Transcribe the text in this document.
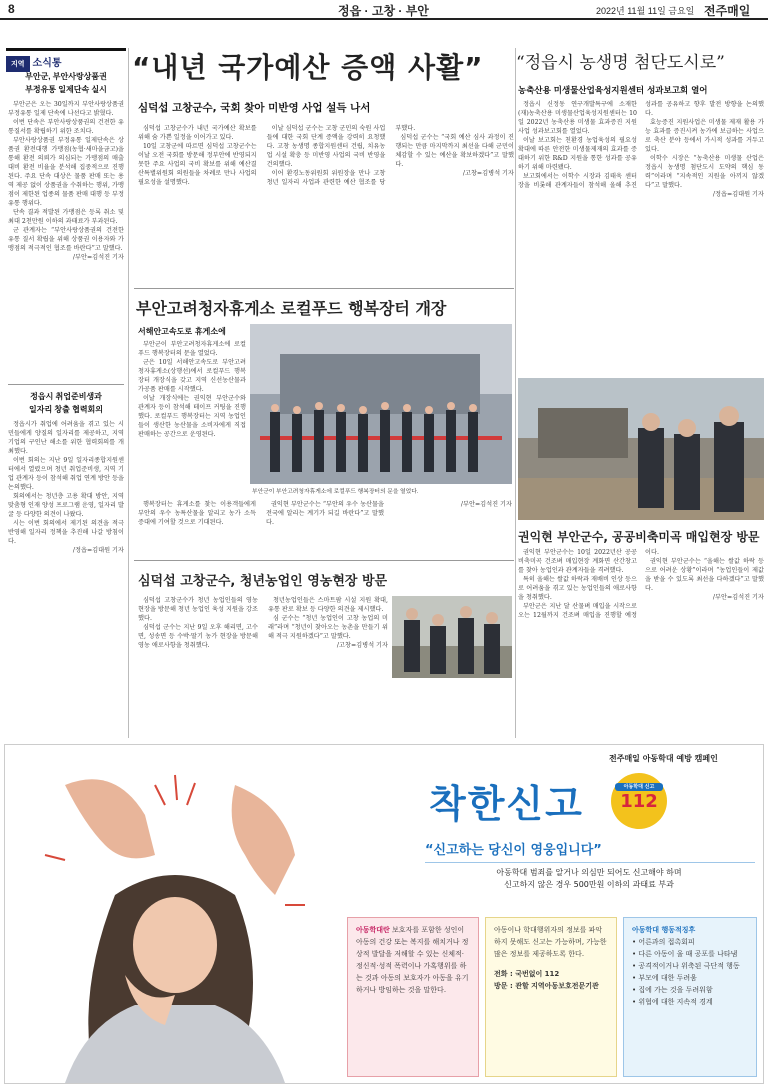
8	정읍 · 고창 · 부안	2022년 11월 11일 금요일 전주매일
지역 소식통
부안군, 부안사랑상품권
부정유통 일제단속 실시

부안군은 오는 30일까지 부안사랑상품권 부정유통 일제 단속에 나선다고 밝혔다.

이번 단속은 부안사랑상품권의 건전한 유통질서를 확립하기 위한 조치다.

부안사랑상품권 부정유통 일제단속은 상품권 환전대행 가맹점(농협·새마을금고)을 통해 환전 의뢰가 의심되는 가맹점의 매출 대비 환전 비율을 분석해 집중적으로 진행된다. 주요 단속 대상은 물품 판매 또는 용역 제공 없이 상품권을 수취하는 행위, 가맹점이 제한된 업종의 물품 판매 대행 등 부정유통 행위다.

단속 결과 적발된 가맹점은 등록 취소 및 최대 2천만원 이하의 과태료가 부과된다.

군 관계자는 “부안사랑상품권의 건전한 유통 질서 확립을 위해 상품권 이용자와 가맹점의 적극적인 협조를 바란다”고 말했다.

/부안=김석진 기자
정읍시 취업준비생과
일자리 창출 협력회의

정읍시가 취업에 어려움을 겪고 있는 시민들에게 양질의 일자리를 제공하고, 지역 기업의 구인난 해소를 위한 협력회의를 개최했다.

이번 회의는 지난 9일 일자리종합지원센터에서 열렸으며 청년 취업준비생, 지역 기업 관계자 등이 참석해 취업 연계 방안 등을 논의했다.

회의에서는 청년층 고용 확대 방안, 지역 맞춤형 인재 양성 프로그램 운영, 일자리 발굴 등 다양한 의견이 나왔다.

시는 이번 회의에서 제기된 의견을 적극 반영해 일자리 정책을 추진해 나갈 방침이다.

/정읍=김대원 기자
“내년 국가예산 증액 사활”
심덕섭 고창군수, 국회 찾아 미반영 사업 설득 나서

심덕섭 고창군수가 내년 국가예산 확보를 위해 숨 가쁜 일정을 이어가고 있다.

10일 고창군에 따르면 심덕섭 고창군수는 이날 오전 국회를 방문해 정부안에 반영되지 못한 주요 사업의 국비 확보를 위해 예산결산특별위원회 의원들을 차례로 만나 사업의 필요성을 설명했다.

이날 심덕섭 군수는 고창 군민의 숙원 사업들에 대한 국회 단계 증액을 강력히 요청했다. 고창 농생명 종합지원센터 건립, 치유농업 시설 확충 등 미반영 사업의 국비 반영을 건의했다.

이어 환경노동위원회 위원장을 만나 고창 청년 일자리 사업과 관련한 예산 협조를 당부했다.

심덕섭 군수는 “국회 예산 심사 과정이 진행되는 만큼 마지막까지 최선을 다해 군민이 체감할 수 있는 예산을 확보하겠다”고 말했다.

/고창=김병석 기자
“정읍시 농생명 첨단도시로”
농축산용 미생물산업육성지원센터 성과보고회 열어

정읍시 신정동 연구개발특구에 소재한 (재)농축산용 미생물산업육성지원센터는 10일 2022년 농축산용 미생물 효과증진 지원사업 성과보고회를 열었다.

이날 보고회는 친환경 농업육성의 필요성 확대에 따른 안전한 미생물제재의 효과를 증대하기 위한 R&D 지원을 통한 성과를 공유하기 위해 마련됐다.

보고회에서는 이학수 시장과 김태욱 센터장을 비롯해 관계자들이 참석해 올해 추진 성과를 공유하고 향후 발전 방향을 논의했다.

효능증진 지원사업은 미생물 제재 활용 가능 효과를 증진시켜 농가에 보급하는 사업으로 축산 분야 등에서 가시적 성과를 거두고 있다.

이학수 시장은 “농축산용 미생물 산업은 정읍시 농생명 첨단도시 도약의 핵심 동력”이라며 “지속적인 지원을 아끼지 않겠다”고 말했다.

/정읍=김대원 기자
부안고려청자휴게소 로컬푸드 행복장터 개장
서해안고속도로 휴게소에

부안군이 부안고려청자휴게소에 로컬푸드 행복장터의 문을 열었다.

군은 10일 서해안고속도로 부안고려청자휴게소(상행선)에서 로컬푸드 행복장터 개장식을 갖고 지역 신선농산물과 가공품 판매를 시작했다.

이날 개장식에는 권익현 부안군수와 관계자 등이 참석해 테이프 커팅을 진행했다. 로컬푸드 행복장터는 지역 농업인들이 생산한 농산물을 소비자에게 직접 판매하는 공간으로 운영된다.

부안군이 부안고려청자휴게소에 로컬푸드 행복장터의 문을 열었다.

행복장터는 휴게소를 찾는 이용객들에게 부안의 우수 농특산물을 알리고 농가 소득 증대에 기여할 것으로 기대된다.

권익현 부안군수는 “부안의 우수 농산물을 전국에 알리는 계기가 되길 바란다”고 말했다.

/부안=김석진 기자
권익현 부안군수, 공공비축미곡 매입현장 방문

권익현 부안군수는 10일 2022년산 공공비축미곡 건조벼 매입현장 계화면 산간창고를 찾아 농업인과 관계자들을 격려했다.

특히 올해는 쌀값 하락과 재배비 인상 등으로 어려움을 겪고 있는 농업인들의 애로사항을 청취했다.

부안군은 지난 달 산물벼 매입을 시작으로 오는 12월까지 건조벼 매입을 진행할 예정이다.

권익현 부안군수는 “올해는 쌀값 하락 등으로 어려운 상황”이라며 “농업인들이 제값을 받을 수 있도록 최선을 다하겠다”고 말했다.

/부안=김석진 기자
심덕섭 고창군수, 청년농업인 영농현장 방문

심덕섭 고창군수가 청년 농업인들의 영농현장을 방문해 청년 농업인 육성 지원을 강조했다.

심덕섭 군수는 지난 9일 오후 해리면, 고수면, 성송면 등 수박·딸기 농가 현장을 방문해 영농 애로사항을 청취했다.

청년농업인들은 스마트팜 시설 지원 확대, 유통 판로 확보 등 다양한 의견을 제시했다.

심 군수는 “청년 농업인이 고창 농업의 미래”라며 “청년이 찾아오는 농촌을 만들기 위해 적극 지원하겠다”고 말했다.

/고창=김병석 기자
전주매일 아동학대 예방 캠페인
착한신고	아동학대 신고
112
“신고하는 당신이 영웅입니다”
아동학대 범죄를 알거나 의심만 되어도 신고해야 하며
신고하지 않은 경우 500만원 이하의 과태료 부과
아동학대란 보호자를 포함한 성인이 아동의 건강 또는 복지를 해치거나 정상적 발달을 저해할 수 있는 신체적·정신적·성적 폭력이나 가혹행위를 하는 것과 아동의 보호자가 아동을 유기하거나 방임하는 것을 말한다.
아동이나 학대행위자의 정보를 파악하지 못해도 신고는 가능하며, 가능한 많은 정보를 제공하도록 한다.
전화 : 국번없이 112
방문 : 관할 지역아동보호전문기관
아동학대 행동적징후
• 어른과의 접촉회피
• 다른 아동이 울 때 공포를 나타냄
• 공격적이거나 위축된 극단적 행동
• 부모에 대한 두려움
• 집에 가는 것을 두려워함
• 위협에 대한 지속적 경계
